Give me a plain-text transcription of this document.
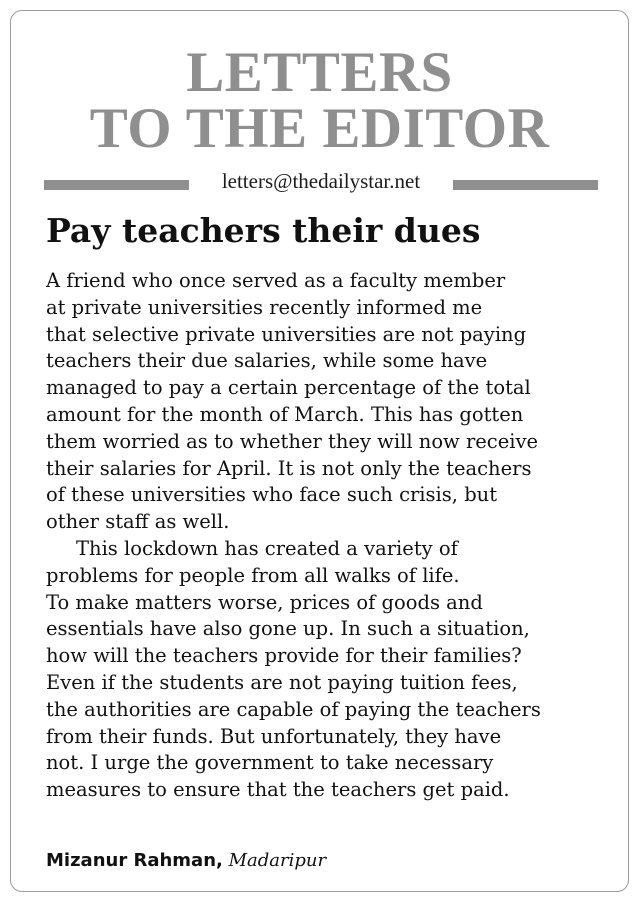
LETTERS
TO THE EDITOR
letters@thedailystar.net
Pay teachers their dues

A friend who once served as a faculty member
at private universities recently informed me
that selective private universities are not paying
teachers their due salaries, while some have
managed to pay a certain percentage of the total
amount for the month of March. This has gotten
them worried as to whether they will now receive
their salaries for April. It is not only the teachers
of these universities who face such crisis, but
other staff as well.

This lockdown has created a variety of

problems for people from all walks of life.
To make matters worse, prices of goods and
essentials have also gone up. In such a situation,
how will the teachers provide for their families?
Even if the students are not paying tuition fees,
the authorities are capable of paying the teachers
from their funds. But unfortunately, they have
not. I urge the government to take necessary
measures to ensure that the teachers get paid.

Mizanur Rahman, Madaripur
